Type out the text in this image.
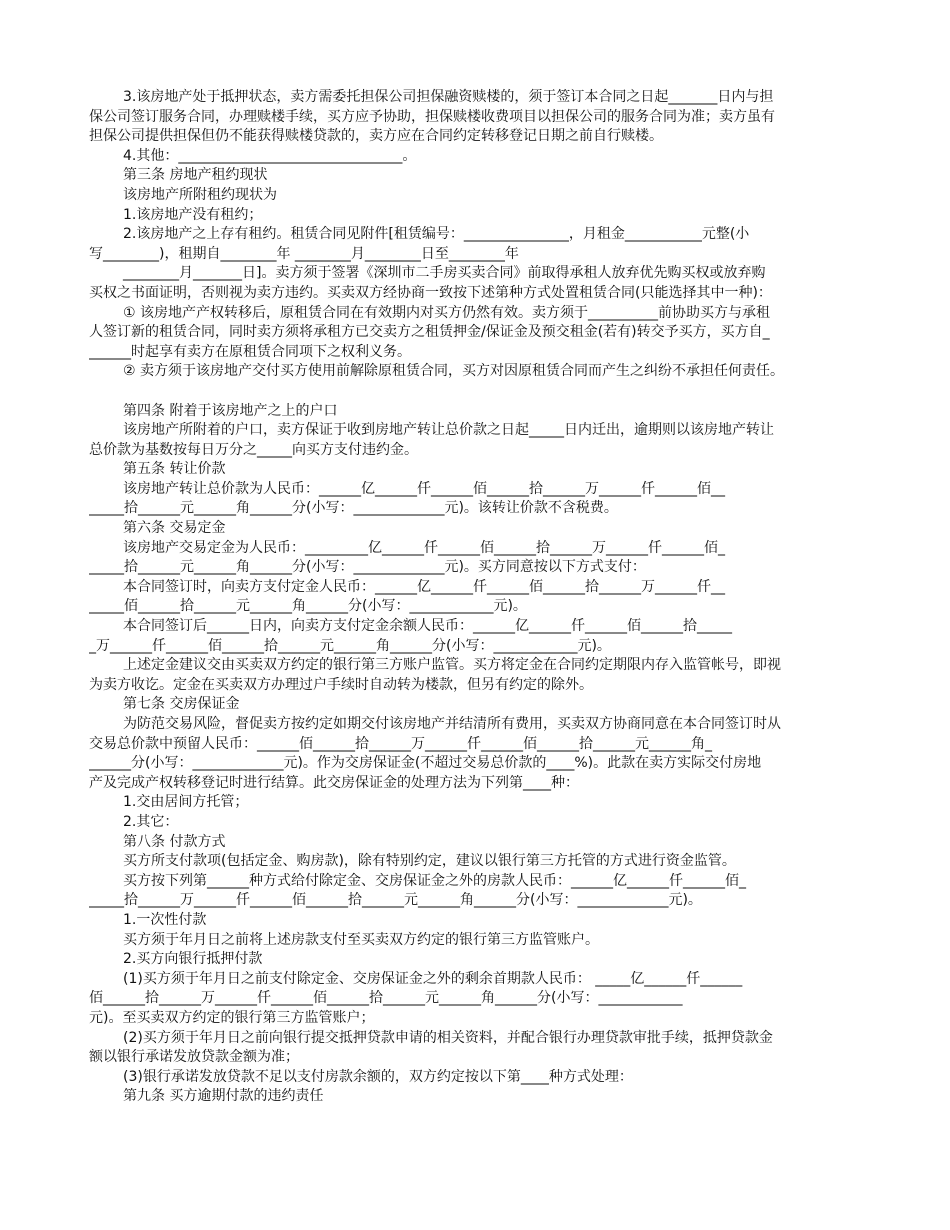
3.该房地产处于抵押状态，卖方需委托担保公司担保融资赎楼的，须于签订本合同之日起_______日内与担
保公司签订服务合同，办理赎楼手续，买方应予协助，担保赎楼收费项目以担保公司的服务合同为准；卖方虽有
担保公司提供担保但仍不能获得赎楼贷款的，卖方应在合同约定转移登记日期之前自行赎楼。
4.其他：________________________________。
第三条 房地产租约现状
该房地产所附租约现状为
1.该房地产没有租约；
2.该房地产之上存有租约。租赁合同见附件[租赁编号：_______________，月租金___________元整(小
写________)，租期自________年 ________月________日至________年
________月_______日]。卖方须于签署《深圳市二手房买卖合同》前取得承租人放弃优先购买权或放弃购
买权之书面证明，否则视为卖方违约。买卖双方经协商一致按下述第种方式处置租赁合同(只能选择其中一种)：
① 该房地产产权转移后，原租赁合同在有效期内对买方仍然有效。卖方须于__________前协助买方与承租
人签订新的租赁合同，同时卖方须将承租方已交卖方之租赁押金/保证金及预交租金(若有)转交予买方，买方自_
______时起享有卖方在原租赁合同项下之权利义务。
② 卖方须于该房地产交付买方使用前解除原租赁合同，买方对因原租赁合同而产生之纠纷不承担任何责任。
第四条 附着于该房地产之上的户口
该房地产所附着的户口，卖方保证于收到房地产转让总价款之日起_____日内迁出，逾期则以该房地产转让
总价款为基数按每日万分之_____向买方支付违约金。
第五条 转让价款
该房地产转让总价款为人民币：______亿______仟______佰______拾______万______仟______佰__
_____拾______元______角______分(小写：_____________元)。该转让价款不含税费。
第六条 交易定金
该房地产交易定金为人民币：_________亿______仟______佰______拾______万______仟______佰_
_____拾______元______角______分(小写：_____________元)。买方同意按以下方式支付：
本合同签订时，向卖方支付定金人民币：______亿______仟______佰______拾______万______仟__
_____佰______拾______元______角______分(小写：____________元)。
本合同签订后______日内，向卖方支付定金余额人民币：______亿______仟______佰______拾_____
_万______仟______佰______拾______元______角______分(小写：____________元)。
上述定金建议交由买卖双方约定的银行第三方账户监管。买方将定金在合同约定期限内存入监管帐号，即视
为卖方收讫。定金在买卖双方办理过户手续时自动转为楼款，但另有约定的除外。
第七条 交房保证金
为防范交易风险，督促卖方按约定如期交付该房地产并结清所有费用，买卖双方协商同意在本合同签订时从
交易总价款中预留人民币：______佰______拾______万______仟______佰______拾______元______角_
______分(小写：_____________元)。作为交房保证金(不超过交易总价款的____%)。此款在卖方实际交付房地
产及完成产权转移登记时进行结算。此交房保证金的处理方法为下列第____种：
1.交由居间方托管；
2.其它：
第八条 付款方式
买方所支付款项(包括定金、购房款)，除有特别约定，建议以银行第三方托管的方式进行资金监管。
买方按下列第______种方式给付除定金、交房保证金之外的房款人民币：______亿______仟______佰_
_____拾______万______仟______佰______拾______元______角______分(小写：_____________元)。
1.一次性付款
买方须于年月日之前将上述房款支付至买卖双方约定的银行第三方监管账户。
2.买方向银行抵押付款
(1)买方须于年月日之前支付除定金、交房保证金之外的剩余首期款人民币： _____亿______仟______
佰______拾______万______仟______佰______拾______元______角______分(小写：____________
元)。至买卖双方约定的银行第三方监管账户；
(2)买方须于年月日之前向银行提交抵押贷款申请的相关资料，并配合银行办理贷款审批手续，抵押贷款金
额以银行承诺发放贷款金额为准；
(3)银行承诺发放贷款不足以支付房款余额的，双方约定按以下第____种方式处理：
第九条 买方逾期付款的违约责任
